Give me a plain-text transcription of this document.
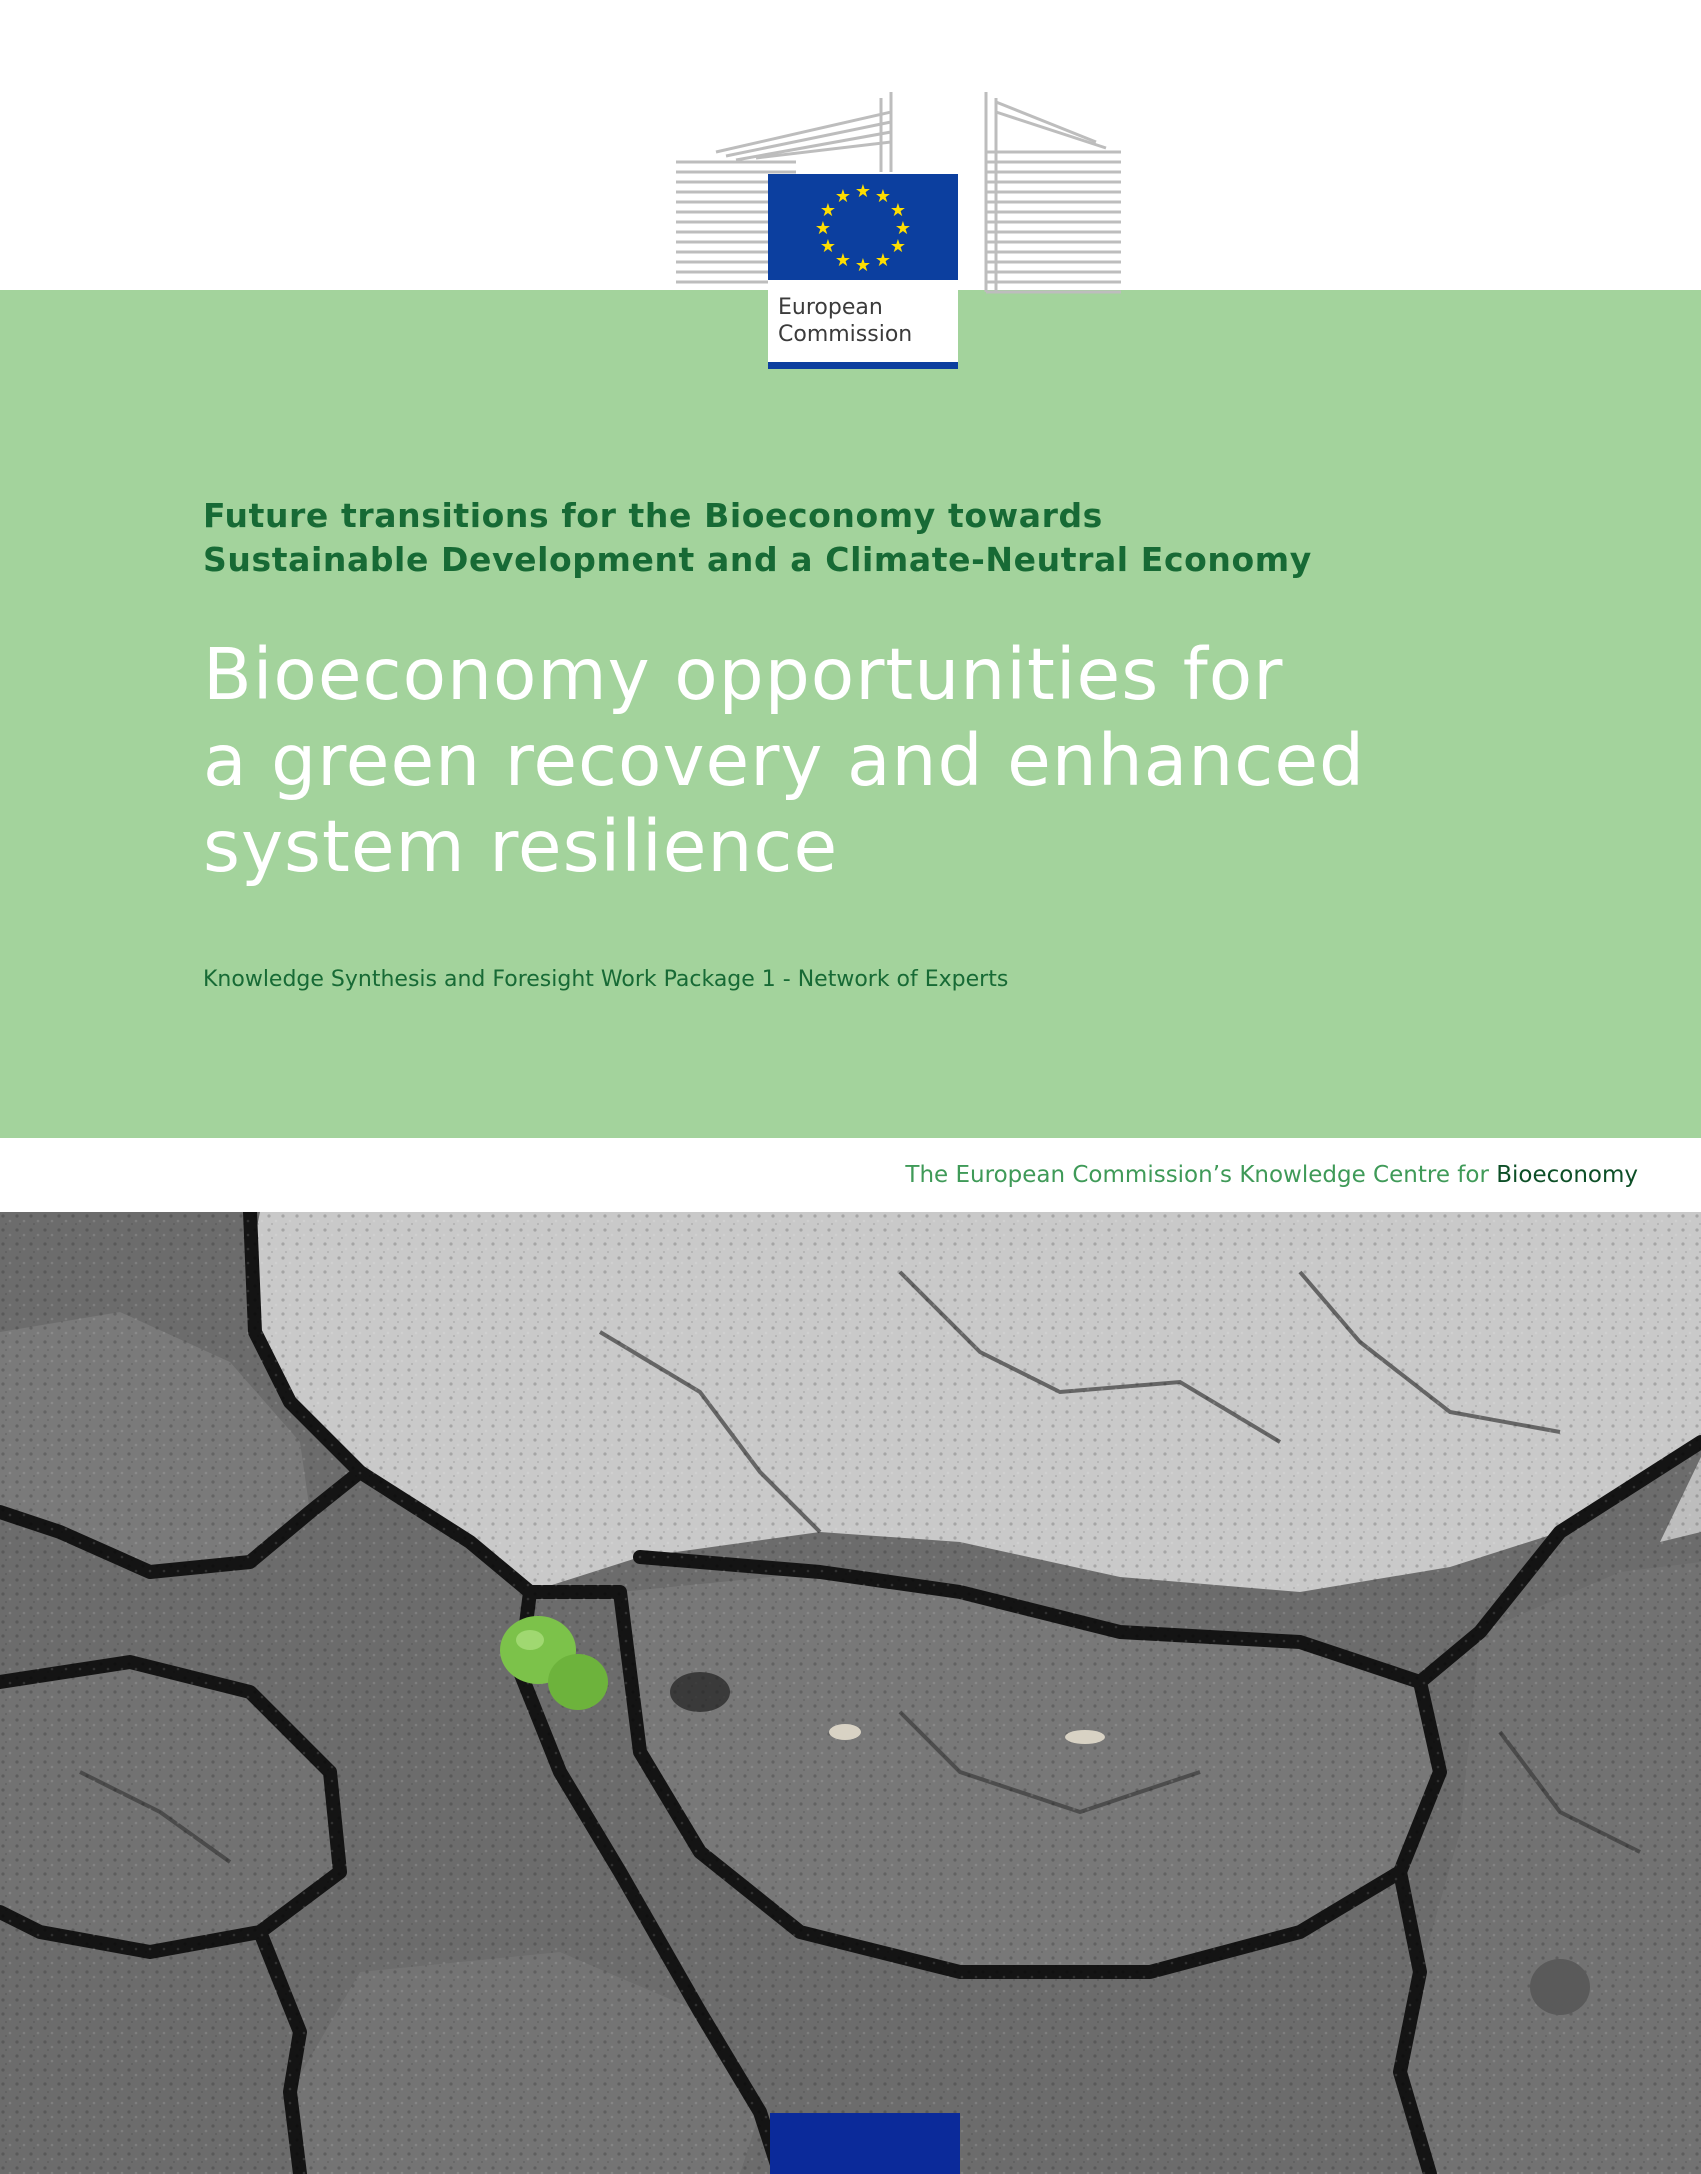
★ ★
★
★
★
★
★
★
★
★
★
★
European
Commission
Future transitions for the Bioeconomy towards
Sustainable Development and a Climate-Neutral Economy
Bioeconomy opportunities for
a green recovery and enhanced
system resilience
Knowledge Synthesis and Foresight Work Package 1 - Network of Experts
The European Commission’s Knowledge Centre for Bioeconomy
